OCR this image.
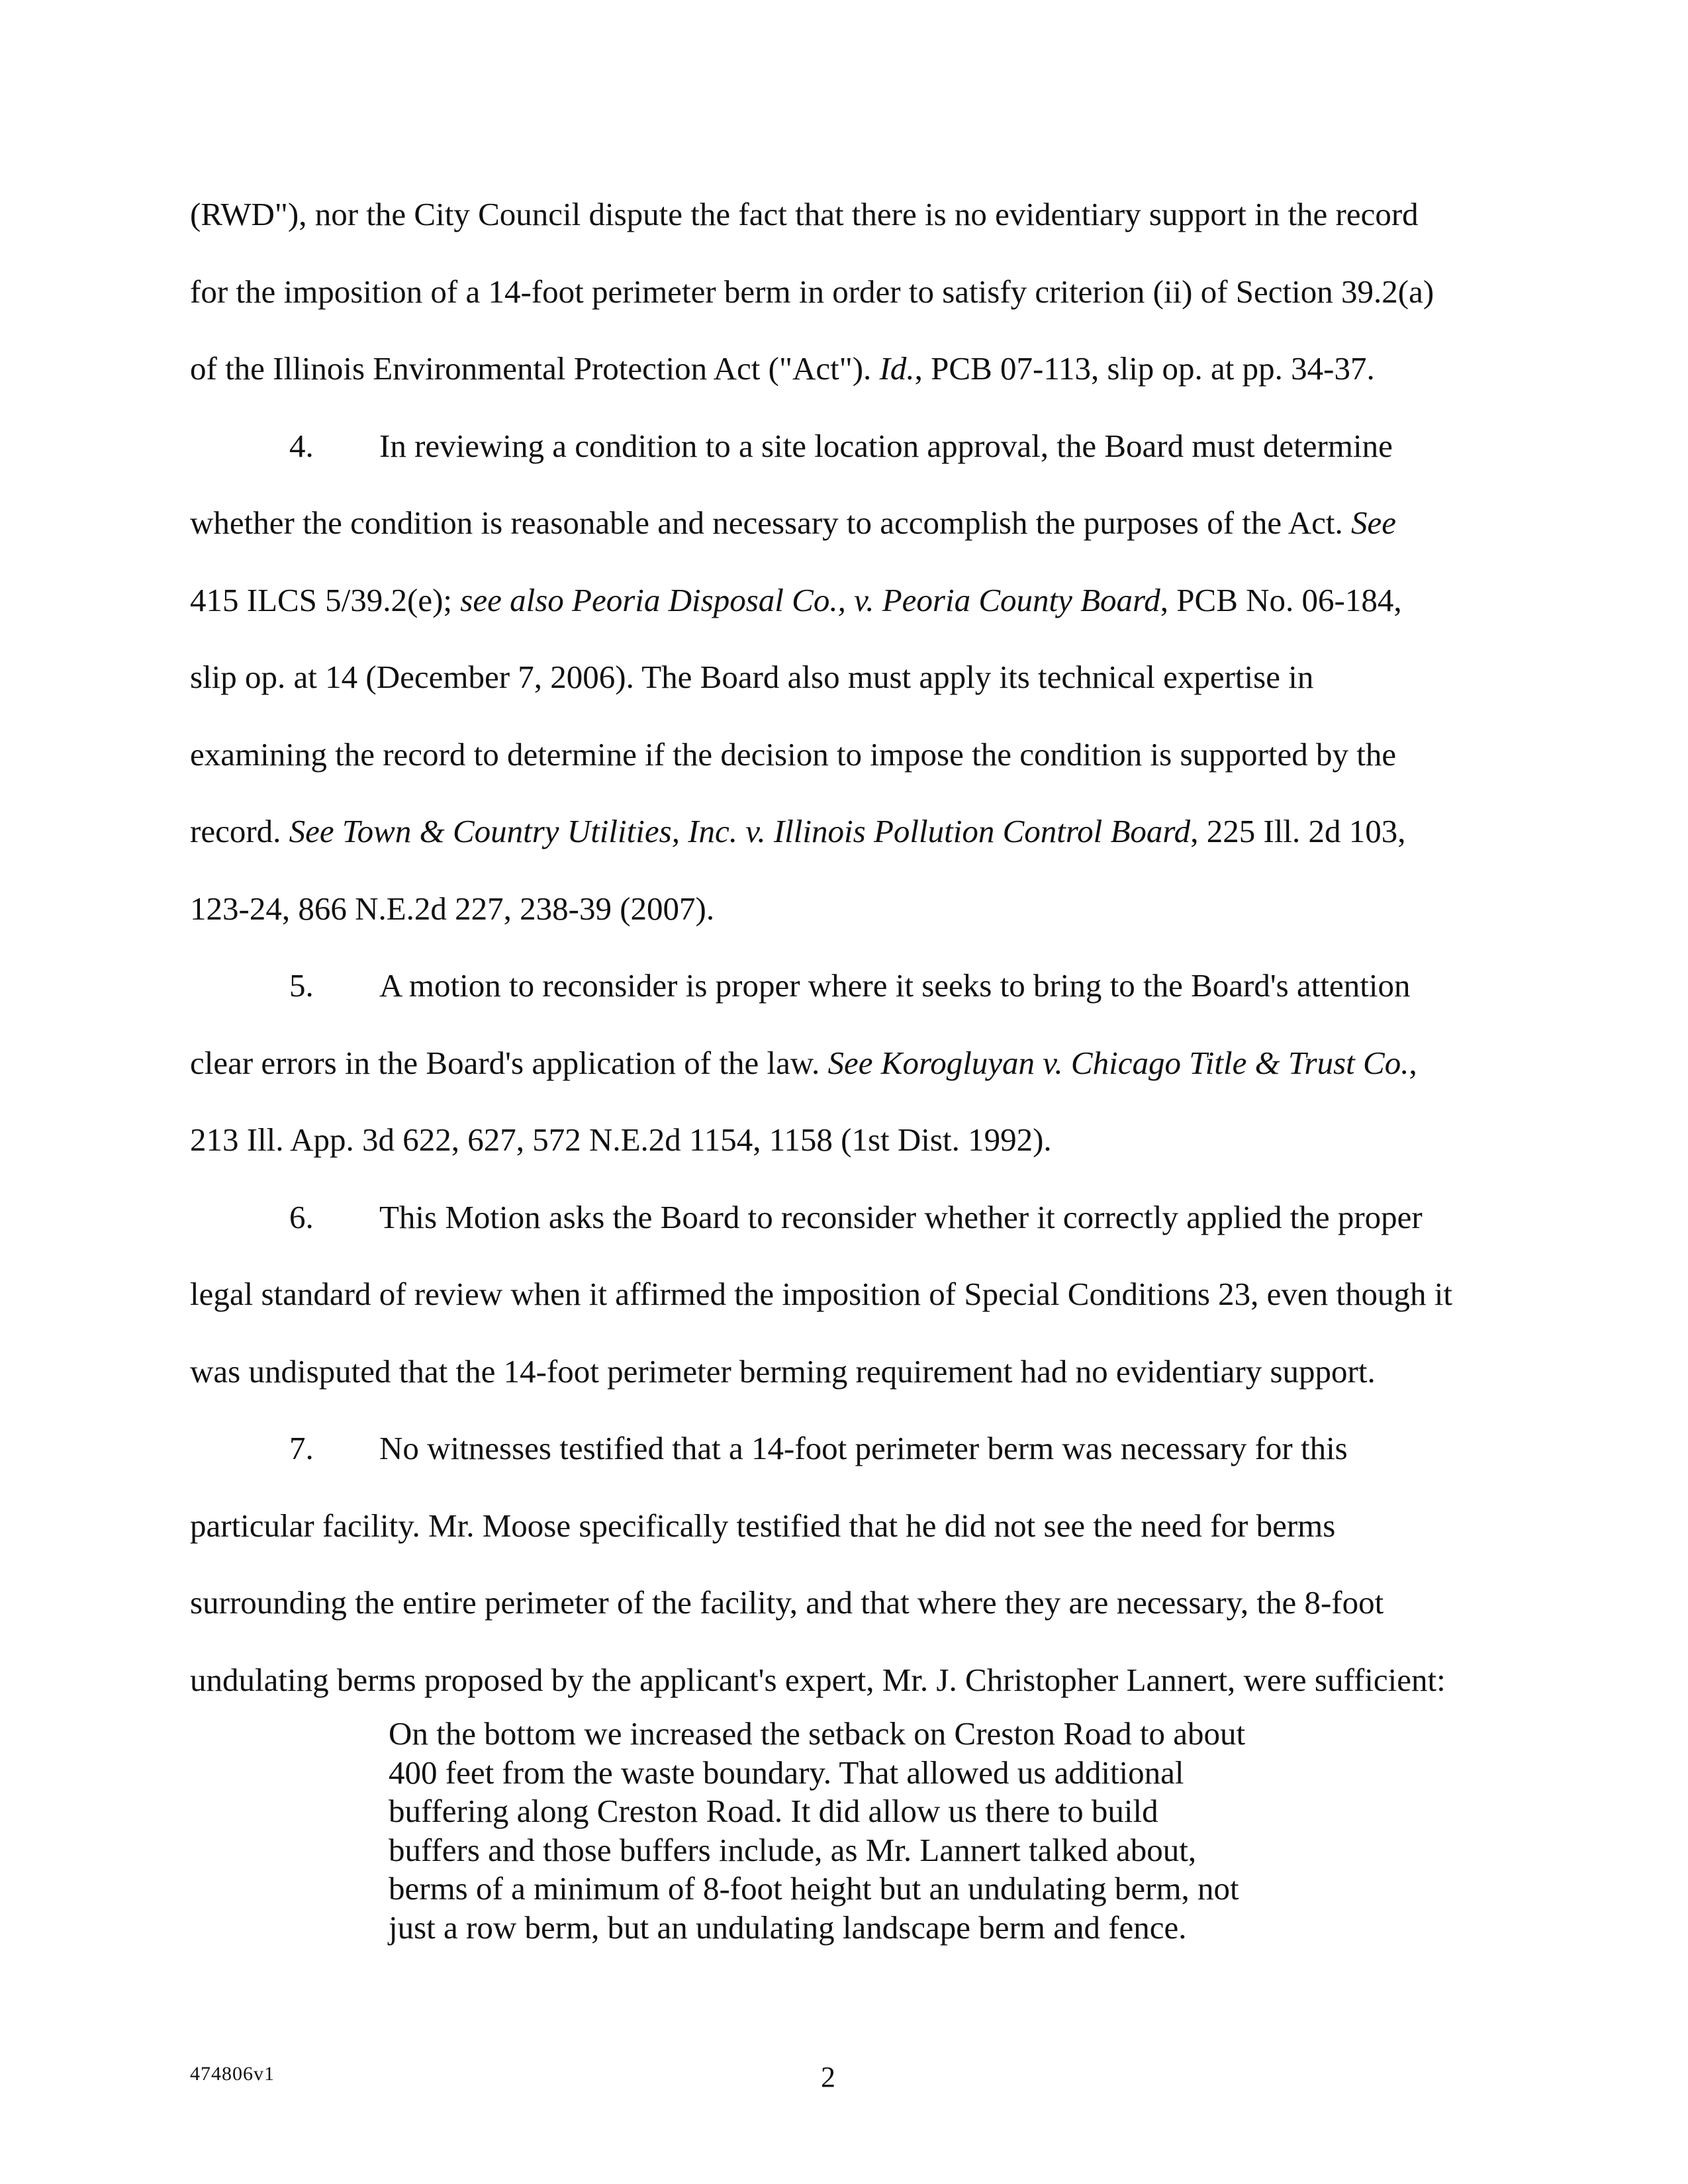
(RWD"), nor the City Council dispute the fact that there is no evidentiary support in the record
for the imposition of a 14-foot perimeter berm in order to satisfy criterion (ii) of Section 39.2(a)
of the Illinois Environmental Protection Act ("Act"). Id., PCB 07-113, slip op. at pp. 34-37.

4. In reviewing a condition to a site location approval, the Board must determine
whether the condition is reasonable and necessary to accomplish the purposes of the Act. See
415 ILCS 5/39.2(e); see also Peoria Disposal Co., v. Peoria County Board, PCB No. 06-184,
slip op. at 14 (December 7, 2006). The Board also must apply its technical expertise in
examining the record to determine if the decision to impose the condition is supported by the
record. See Town & Country Utilities, Inc. v. Illinois Pollution Control Board, 225 Ill. 2d 103,
123-24, 866 N.E.2d 227, 238-39 (2007).

5. A motion to reconsider is proper where it seeks to bring to the Board's attention
clear errors in the Board's application of the law. See Korogluyan v. Chicago Title & Trust Co.,
213 Ill. App. 3d 622, 627, 572 N.E.2d 1154, 1158 (1st Dist. 1992).

6. This Motion asks the Board to reconsider whether it correctly applied the proper
legal standard of review when it affirmed the imposition of Special Conditions 23, even though it
was undisputed that the 14-foot perimeter berming requirement had no evidentiary support.

7. No witnesses testified that a 14-foot perimeter berm was necessary for this
particular facility. Mr. Moose specifically testified that he did not see the need for berms
surrounding the entire perimeter of the facility, and that where they are necessary, the 8-foot
undulating berms proposed by the applicant's expert, Mr. J. Christopher Lannert, were sufficient:

On the bottom we increased the setback on Creston Road to about
400 feet from the waste boundary. That allowed us additional
buffering along Creston Road. It did allow us there to build
buffers and those buffers include, as Mr. Lannert talked about,
berms of a minimum of 8-foot height but an undulating berm, not
just a row berm, but an undulating landscape berm and fence.
474806v1	2
